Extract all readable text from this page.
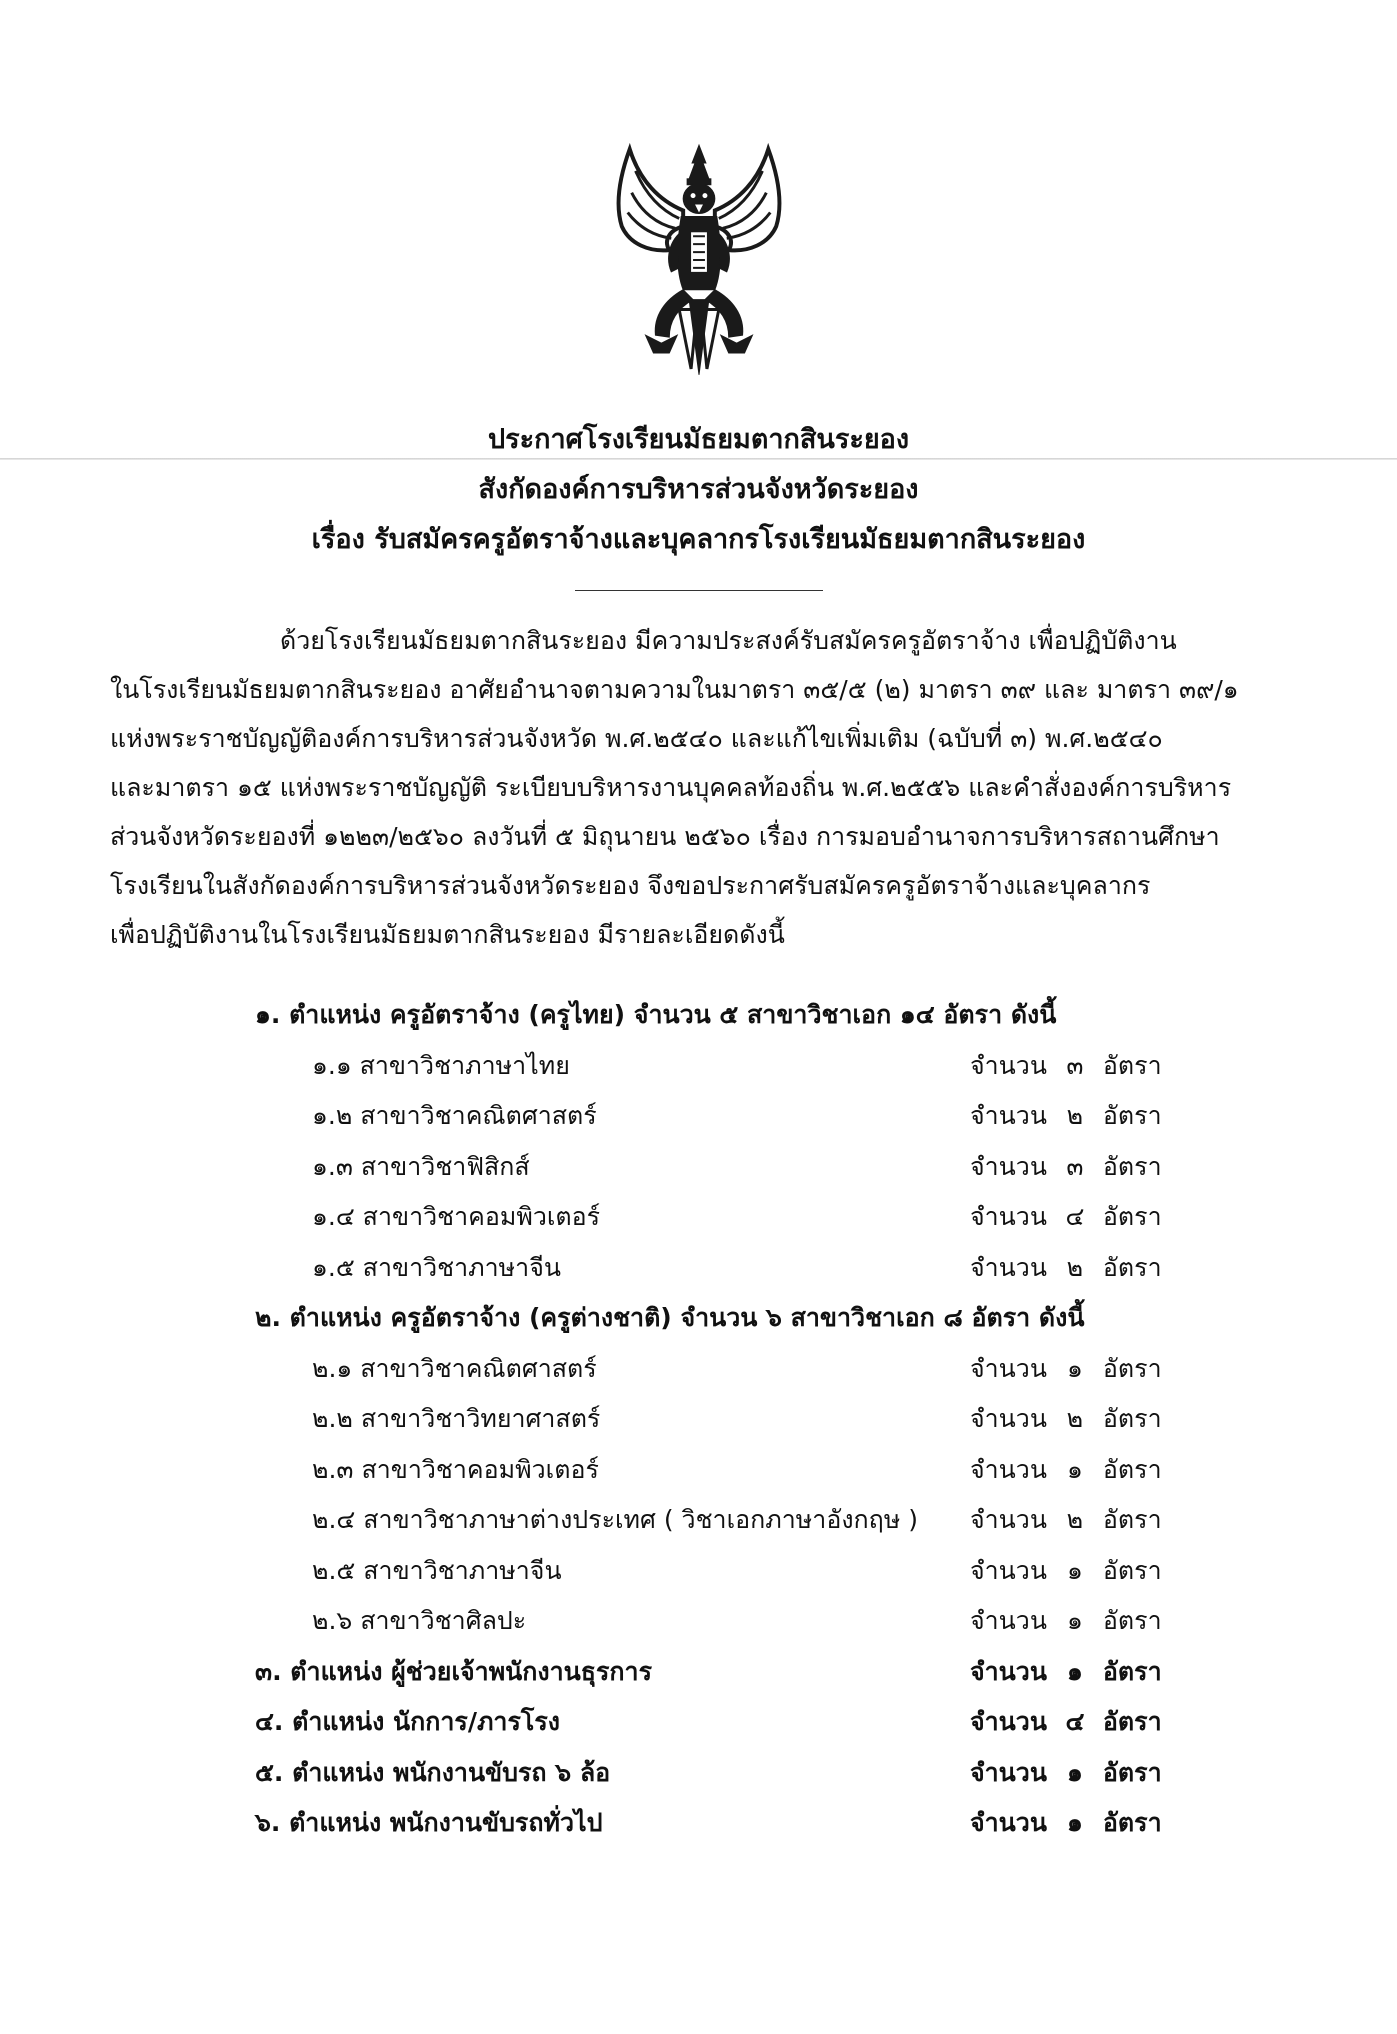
ประกาศโรงเรียนมัธยมตากสินระยอง
สังกัดองค์การบริหารส่วนจังหวัดระยอง
เรื่อง รับสมัครครูอัตราจ้างและบุคลากรโรงเรียนมัธยมตากสินระยอง

ด้วยโรงเรียนมัธยมตากสินระยอง มีความประสงค์รับสมัครครูอัตราจ้าง เพื่อปฏิบัติงาน

ในโรงเรียนมัธยมตากสินระยอง อาศัยอำนาจตามความในมาตรา ๓๕/๕ (๒) มาตรา ๓๙ และ มาตรา ๓๙/๑

แห่งพระราชบัญญัติองค์การบริหารส่วนจังหวัด พ.ศ.๒๕๔๐ และแก้ไขเพิ่มเติม (ฉบับที่ ๓) พ.ศ.๒๕๔๐

และมาตรา ๑๕ แห่งพระราชบัญญัติ ระเบียบบริหารงานบุคคลท้องถิ่น พ.ศ.๒๕๕๖ และคำสั่งองค์การบริหาร

ส่วนจังหวัดระยองที่ ๑๒๒๓/๒๕๖๐ ลงวันที่ ๕ มิถุนายน ๒๕๖๐ เรื่อง การมอบอำนาจการบริหารสถานศึกษา

โรงเรียนในสังกัดองค์การบริหารส่วนจังหวัดระยอง จึงขอประกาศรับสมัครครูอัตราจ้างและบุคลากร

เพื่อปฏิบัติงานในโรงเรียนมัธยมตากสินระยอง มีรายละเอียดดังนี้

๑. ตำแหน่ง ครูอัตราจ้าง (ครูไทย) จำนวน ๕ สาขาวิชาเอก ๑๔ อัตรา ดังนี้
๑.๑ สาขาวิชาภาษาไทย	จำนวน ๓ อัตรา
๑.๒ สาขาวิชาคณิตศาสตร์	จำนวน ๒ อัตรา
๑.๓ สาขาวิชาฟิสิกส์	จำนวน ๓ อัตรา
๑.๔ สาขาวิชาคอมพิวเตอร์	จำนวน ๔ อัตรา
๑.๕ สาขาวิชาภาษาจีน	จำนวน ๒ อัตรา
๒. ตำแหน่ง ครูอัตราจ้าง (ครูต่างชาติ) จำนวน ๖ สาขาวิชาเอก ๘ อัตรา ดังนี้
๒.๑ สาขาวิชาคณิตศาสตร์	จำนวน ๑ อัตรา
๒.๒ สาขาวิชาวิทยาศาสตร์	จำนวน ๒ อัตรา
๒.๓ สาขาวิชาคอมพิวเตอร์	จำนวน ๑ อัตรา
๒.๔ สาขาวิชาภาษาต่างประเทศ ( วิชาเอกภาษาอังกฤษ ) จำนวน ๒ อัตรา
๒.๕ สาขาวิชาภาษาจีน	จำนวน ๑ อัตรา
๒.๖ สาขาวิชาศิลปะ	จำนวน ๑ อัตรา
๓. ตำแหน่ง ผู้ช่วยเจ้าพนักงานธุรการ	จำนวน ๑ อัตรา
๔. ตำแหน่ง นักการ/ภารโรง	จำนวน ๔ อัตรา
๕. ตำแหน่ง พนักงานขับรถ ๖ ล้อ	จำนวน ๑ อัตรา
๖. ตำแหน่ง พนักงานขับรถทั่วไป	จำนวน ๑ อัตรา
